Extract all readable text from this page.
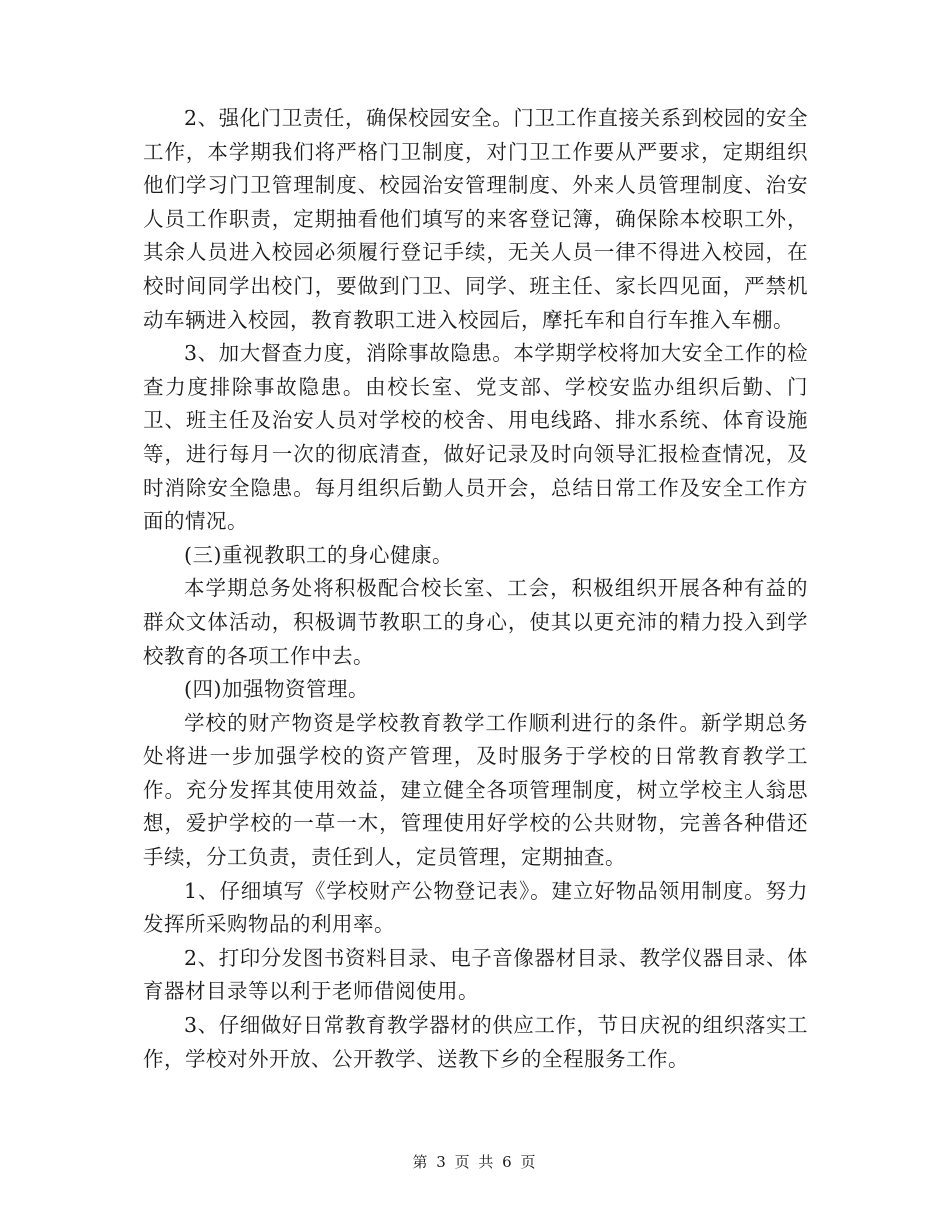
2、强化门卫责任，确保校园安全。门卫工作直接关系到校园的安全工作，本学期我们将严格门卫制度，对门卫工作要从严要求，定期组织他们学习门卫管理制度、校园治安管理制度、外来人员管理制度、治安人员工作职责，定期抽看他们填写的来客登记簿，确保除本校职工外，其余人员进入校园必须履行登记手续，无关人员一律不得进入校园，在校时间同学出校门，要做到门卫、同学、班主任、家长四见面，严禁机动车辆进入校园，教育教职工进入校园后，摩托车和自行车推入车棚。

3、加大督查力度，消除事故隐患。本学期学校将加大安全工作的检查力度排除事故隐患。由校长室、党支部、学校安监办组织后勤、门卫、班主任及治安人员对学校的校舍、用电线路、排水系统、体育设施等，进行每月一次的彻底清查，做好记录及时向领导汇报检查情况，及时消除安全隐患。每月组织后勤人员开会，总结日常工作及安全工作方面的情况。

(三)重视教职工的身心健康。

本学期总务处将积极配合校长室、工会，积极组织开展各种有益的群众文体活动，积极调节教职工的身心，使其以更充沛的精力投入到学校教育的各项工作中去。

(四)加强物资管理。

学校的财产物资是学校教育教学工作顺利进行的条件。新学期总务处将进一步加强学校的资产管理，及时服务于学校的日常教育教学工作。充分发挥其使用效益，建立健全各项管理制度，树立学校主人翁思想，爱护学校的一草一木，管理使用好学校的公共财物，完善各种借还手续，分工负责，责任到人，定员管理，定期抽查。

1、仔细填写《学校财产公物登记表》。建立好物品领用制度。努力发挥所采购物品的利用率。

2、打印分发图书资料目录、电子音像器材目录、教学仪器目录、体育器材目录等以利于老师借阅使用。

3、仔细做好日常教育教学器材的供应工作，节日庆祝的组织落实工作，学校对外开放、公开教学、送教下乡的全程服务工作。

第 3 页 共 6 页
